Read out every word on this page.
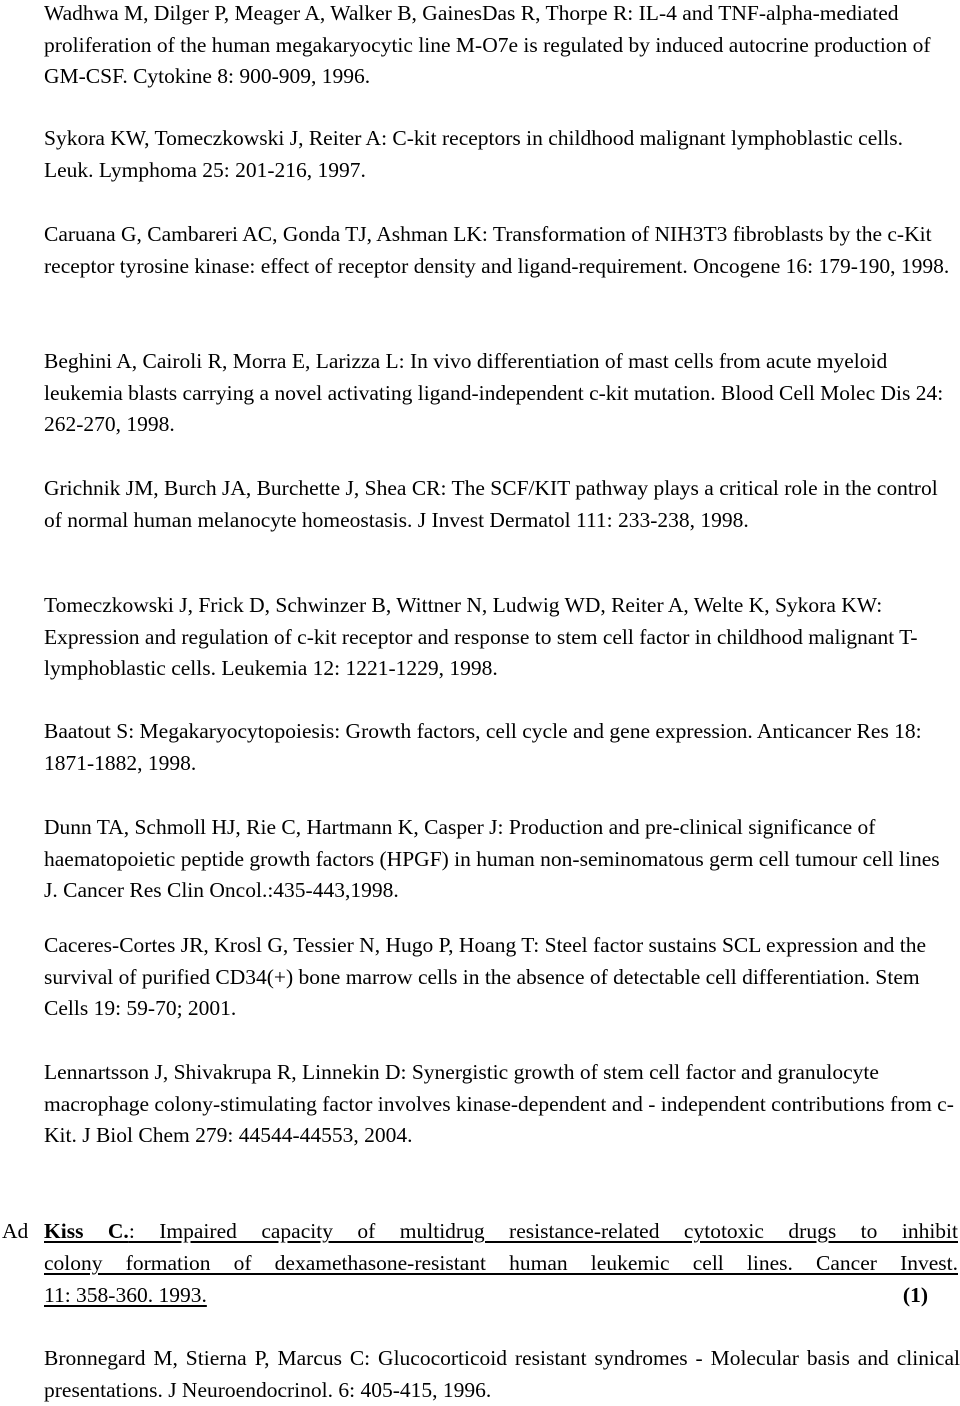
Wadhwa M, Dilger P, Meager A, Walker B, GainesDas R, Thorpe R: IL-4 and TNF-alpha-mediated proliferation of the human megakaryocytic line M-O7e is regulated by induced autocrine production of GM-CSF. Cytokine 8: 900-909, 1996.

Sykora KW, Tomeczkowski J, Reiter A: C-kit receptors in childhood malignant lymphoblastic cells. Leuk. Lymphoma 25: 201-216, 1997.

Caruana G, Cambareri AC, Gonda TJ, Ashman LK: Transformation of NIH3T3 fibroblasts by the c-Kit receptor tyrosine kinase: effect of receptor density and ligand-requirement. Oncogene 16: 179-190, 1998.

Beghini A, Cairoli R, Morra E, Larizza L: In vivo differentiation of mast cells from acute myeloid leukemia blasts carrying a novel activating ligand-independent c-kit mutation. Blood Cell Molec Dis 24: 262-270, 1998.

Grichnik JM, Burch JA, Burchette J, Shea CR: The SCF/KIT pathway plays a critical role in the control of normal human melanocyte homeostasis. J Invest Dermatol 111: 233-238, 1998.

Tomeczkowski J, Frick D, Schwinzer B, Wittner N, Ludwig WD, Reiter A, Welte K, Sykora KW: Expression and regulation of c-kit receptor and response to stem cell factor in childhood malignant T-lymphoblastic cells. Leukemia 12: 1221-1229, 1998.

Baatout S: Megakaryocytopoiesis: Growth factors, cell cycle and gene expression. Anticancer Res 18: 1871-1882, 1998.

Dunn TA, Schmoll HJ, Rie C, Hartmann K, Casper J: Production and pre-clinical significance of haematopoietic peptide growth factors (HPGF) in human non-seminomatous germ cell tumour cell lines J. Cancer Res Clin Oncol.:435-443,1998.

Caceres-Cortes JR, Krosl G, Tessier N, Hugo P, Hoang T: Steel factor sustains SCL expression and the survival of purified CD34(+) bone marrow cells in the absence of detectable cell differentiation. Stem Cells 19: 59-70; 2001.

Lennartsson J, Shivakrupa R, Linnekin D: Synergistic growth of stem cell factor and granulocyte macrophage colony-stimulating factor involves kinase-dependent and - independent contributions from c-Kit. J Biol Chem 279: 44544-44553, 2004.

Ad Kiss C.: Impaired capacity of multidrug resistance-related cytotoxic drugs to inhibit
colony formation of dexamethasone-resistant human leukemic cell lines. Cancer Invest.
11: 358-360. 1993.	(1)

Bronnegard M, Stierna P, Marcus C: Glucocorticoid resistant syndromes - Molecular basis and clinical presentations. J Neuroendocrinol. 6: 405-415, 1996.
